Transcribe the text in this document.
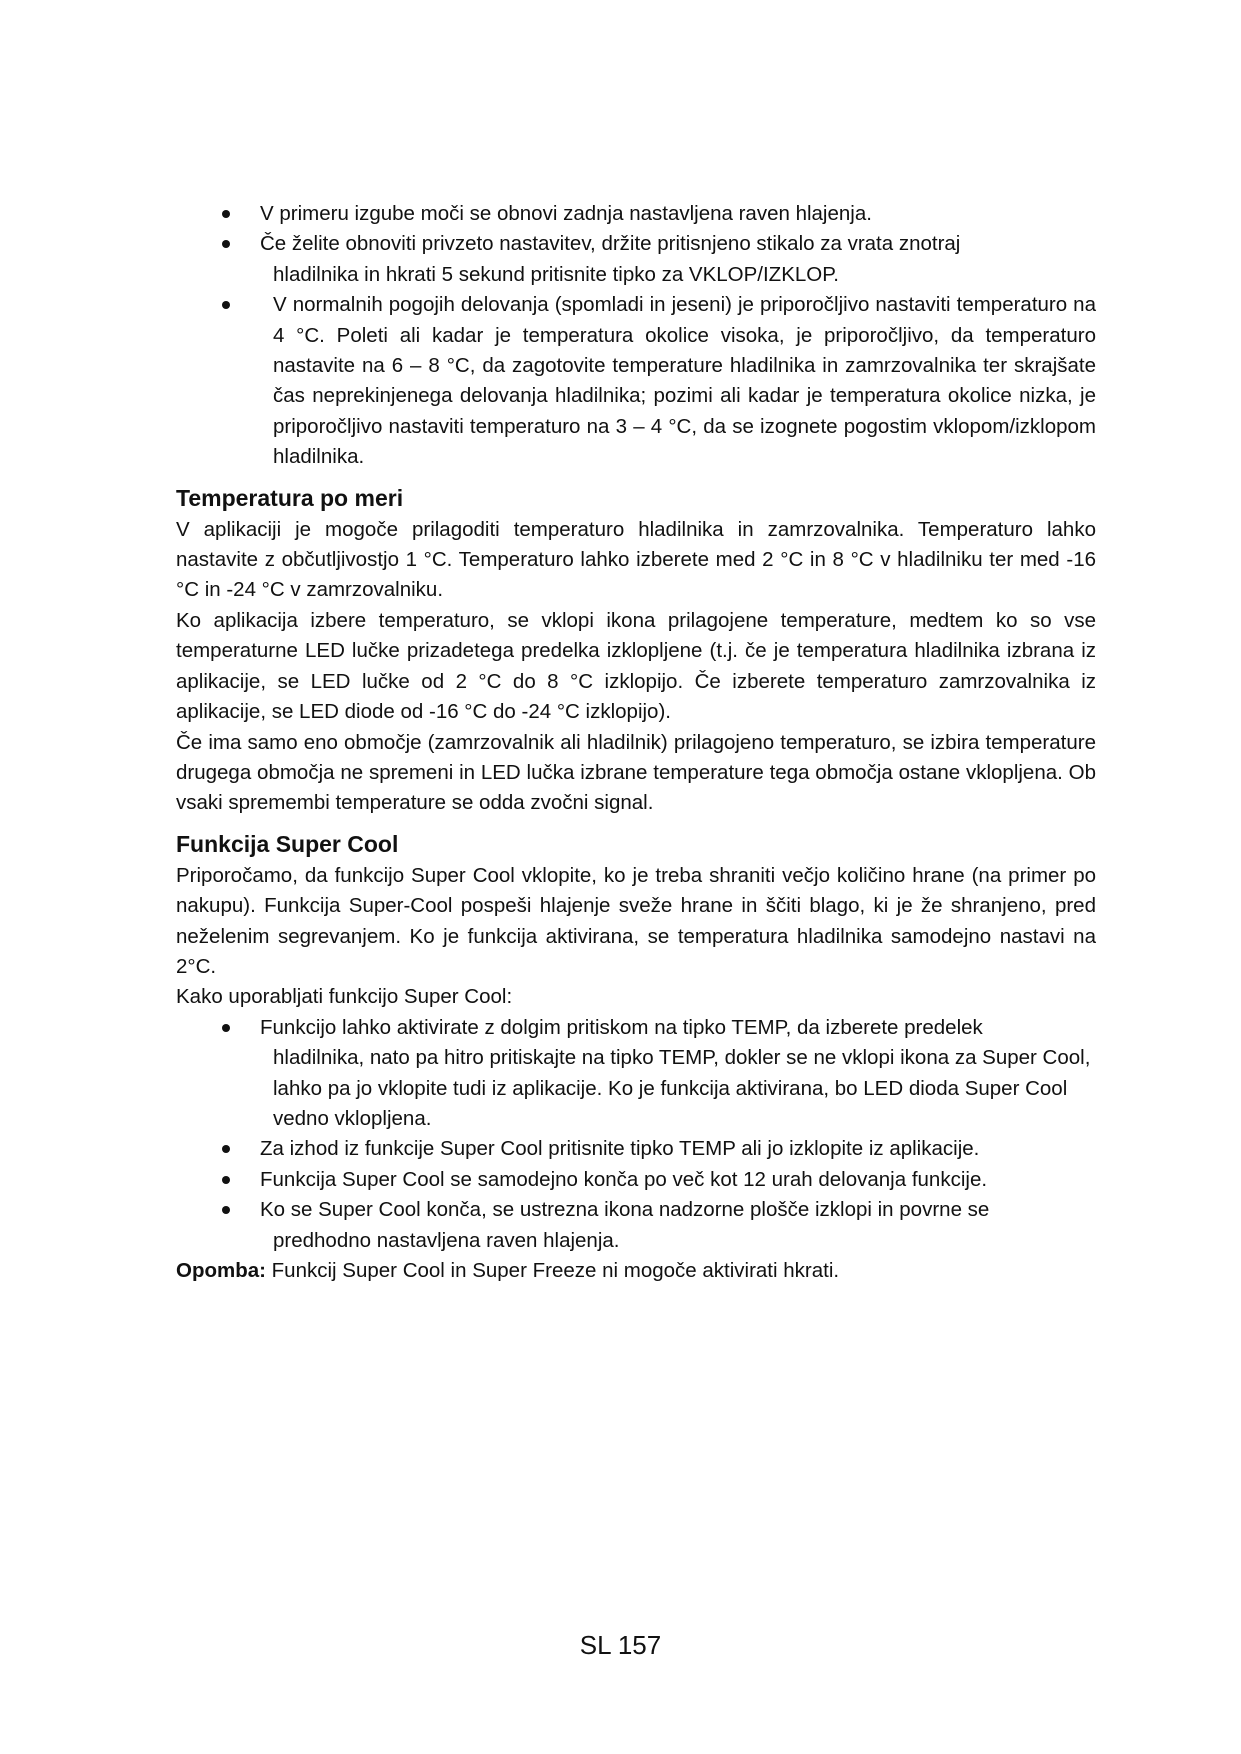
V primeru izgube moči se obnovi zadnja nastavljena raven hlajenja.
Če želite obnoviti privzeto nastavitev, držite pritisnjeno stikalo za vrata znotraj
hladilnika in hkrati 5 sekund pritisnite tipko za VKLOP/IZKLOP.
V normalnih pogojih delovanja (spomladi in jeseni) je priporočljivo nastaviti temperaturo na 4 °C. Poleti ali kadar je temperatura okolice visoka, je priporočljivo, da temperaturo nastavite na 6 – 8 °C, da zagotovite temperature hladilnika in zamrzovalnika ter skrajšate čas neprekinjenega delovanja hladilnika; pozimi ali kadar je temperatura okolice nizka, je priporočljivo nastaviti temperaturo na 3 – 4 °C, da se izognete pogostim vklopom/izklopom hladilnika.
Temperatura po meri

V aplikaciji je mogoče prilagoditi temperaturo hladilnika in zamrzovalnika. Temperaturo lahko nastavite z občutljivostjo 1 °C. Temperaturo lahko izberete med 2 °C in 8 °C v hladilniku ter med -16 °C in -24 °C v zamrzovalniku.

Ko aplikacija izbere temperaturo, se vklopi ikona prilagojene temperature, medtem ko so vse temperaturne LED lučke prizadetega predelka izklopljene (t.j. če je temperatura hladilnika izbrana iz aplikacije, se LED lučke od 2 °C do 8 °C izklopijo. Če izberete temperaturo zamrzovalnika iz aplikacije, se LED diode od -16 °C do -24 °C izklopijo).

Če ima samo eno območje (zamrzovalnik ali hladilnik) prilagojeno temperaturo, se izbira temperature drugega območja ne spremeni in LED lučka izbrane temperature tega območja ostane vklopljena. Ob vsaki spremembi temperature se odda zvočni signal.

Funkcija Super Cool

Priporočamo, da funkcijo Super Cool vklopite, ko je treba shraniti večjo količino hrane (na primer po nakupu). Funkcija Super-Cool pospeši hlajenje sveže hrane in ščiti blago, ki je že shranjeno, pred neželenim segrevanjem. Ko je funkcija aktivirana, se temperatura hladilnika samodejno nastavi na 2°C.

Kako uporabljati funkcijo Super Cool:

Funkcijo lahko aktivirate z dolgim pritiskom na tipko TEMP, da izberete predelek
hladilnika, nato pa hitro pritiskajte na tipko TEMP, dokler se ne vklopi ikona za Super Cool, lahko pa jo vklopite tudi iz aplikacije. Ko je funkcija aktivirana, bo LED dioda Super Cool vedno vklopljena.
Za izhod iz funkcije Super Cool pritisnite tipko TEMP ali jo izklopite iz aplikacije.
Funkcija Super Cool se samodejno konča po več kot 12 urah delovanja funkcije.
Ko se Super Cool konča, se ustrezna ikona nadzorne plošče izklopi in povrne se
predhodno nastavljena raven hlajenja.

Opomba: Funkcij Super Cool in Super Freeze ni mogoče aktivirati hkrati.

SL 157
